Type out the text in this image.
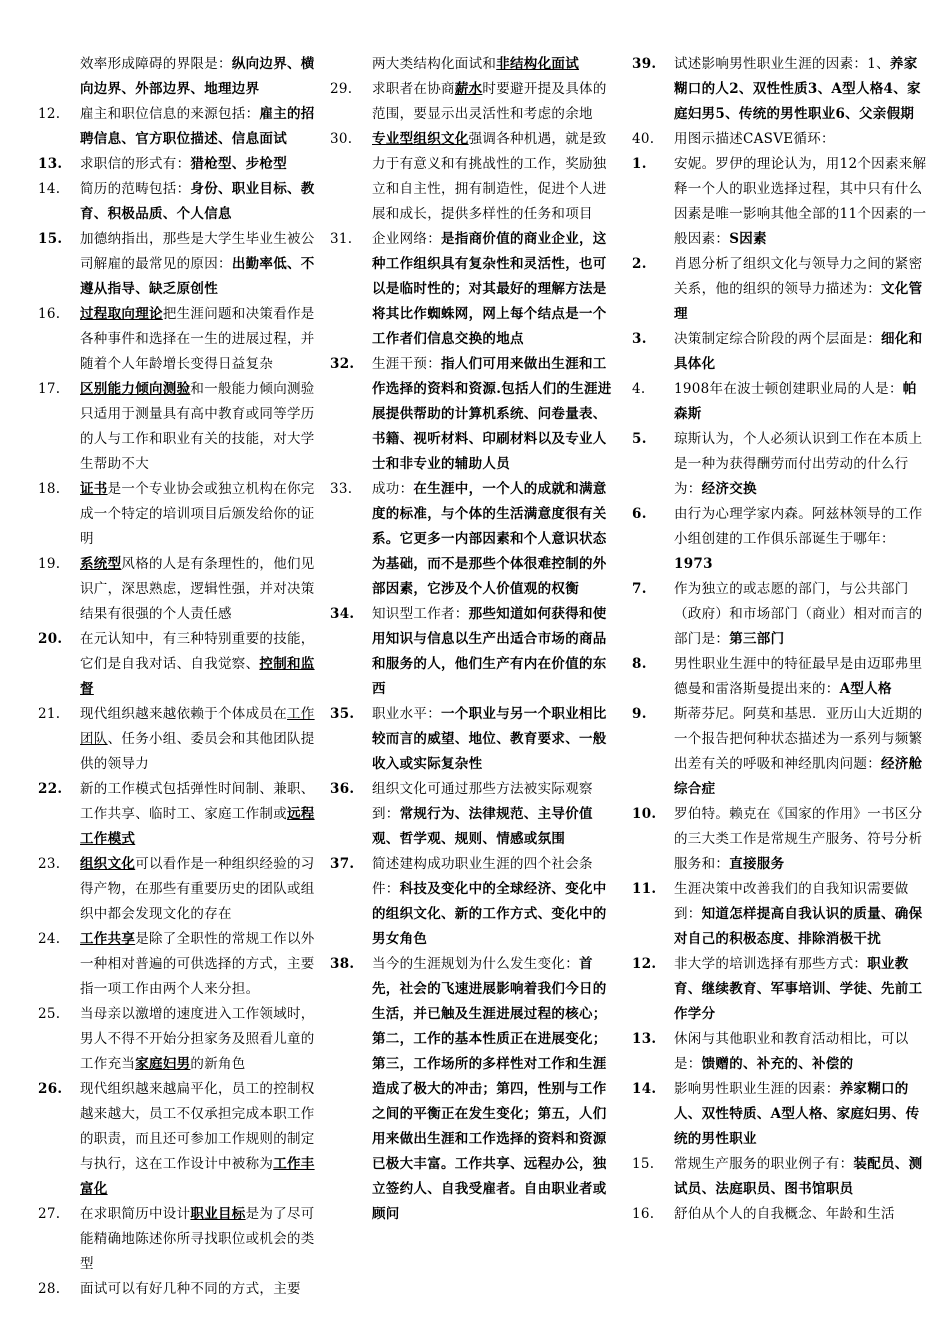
效率形成障碍的界限是：纵向边界、横向边界、外部边界、地理边界
12.	雇主和职位信息的来源包括：雇主的招聘信息、官方职位描述、信息面试
13.	求职信的形式有：猎枪型、步枪型
14.	简历的范畴包括：身份、职业目标、教育、积极品质、个人信息
15.	加德纳指出，那些是大学生毕业生被公司解雇的最常见的原因：出勤率低、不遵从指导、缺乏原创性
16.	过程取向理论把生涯问题和决策看作是各种事件和选择在一生的进展过程，并随着个人年龄增长变得日益复杂
17.	区别能力倾向测验和一般能力倾向测验只适用于测量具有高中教育或同等学历的人与工作和职业有关的技能，对大学生帮助不大
18.	证书是一个专业协会或独立机构在你完成一个特定的培训项目后颁发给你的证明
19.	系统型风格的人是有条理性的，他们见识广，深思熟虑，逻辑性强，并对决策结果有很强的个人责任感
20.	在元认知中，有三种特别重要的技能，它们是自我对话、自我觉察、控制和监督
21.	现代组织越来越依赖于个体成员在工作团队、任务小组、委员会和其他团队提供的领导力
22.	新的工作模式包括弹性时间制、兼职、工作共享、临时工、家庭工作制或远程工作模式
23.	组织文化可以看作是一种组织经验的习得产物，在那些有重要历史的团队或组织中都会发现文化的存在
24.	工作共享是除了全职性的常规工作以外一种相对普遍的可供选择的方式，主要指一项工作由两个人来分担。
25.	当母亲以激增的速度进入工作领域时，男人不得不开始分担家务及照看儿童的工作充当家庭妇男的新角色
26.	现代组织越来越扁平化，员工的控制权越来越大，员工不仅承担完成本职工作的职责，而且还可参加工作规则的制定与执行，这在工作设计中被称为工作丰富化
27.	在求职简历中设计职业目标是为了尽可能精确地陈述你所寻找职位或机会的类型
28.	面试可以有好几种不同的方式，主要
两大类结构化面试和非结构化面试
29.	求职者在协商薪水时要避开提及具体的范围，要显示出灵活性和考虑的余地
30.	专业型组织文化强调各种机遇，就是致力于有意义和有挑战性的工作，奖励独立和自主性，拥有制造性，促进个人进展和成长，提供多样性的任务和项目
31.	企业网络：是指商价值的商业企业，这种工作组织具有复杂性和灵活性，也可以是临时性的；对其最好的理解方法是将其比作蜘蛛网，网上每个结点是一个工作者们信息交换的地点
32.	生涯干预：指人们可用来做出生涯和工作选择的资料和资源.包括人们的生涯进展提供帮助的计算机系统、问卷量表、书籍、视听材料、印刷材料以及专业人士和非专业的辅助人员
33.	成功：在生涯中，一个人的成就和满意度的标准，与个体的生活满意度很有关系。它更多一内部因素和个人意识状态为基础，而不是那些个体很难控制的外部因素，它涉及个人价值观的权衡
34.	知识型工作者：那些知道如何获得和使用知识与信息以生产出适合市场的商品和服务的人，他们生产有内在价值的东西
35.	职业水平：一个职业与另一个职业相比较而言的威望、地位、教育要求、一般收入或实际复杂性
36.	组织文化可通过那些方法被实际观察到：常规行为、法律规范、主导价值观、哲学观、规则、情感或氛围
37.	简述建构成功职业生涯的四个社会条件：科技及变化中的全球经济、变化中的组织文化、新的工作方式、变化中的男女角色
38.	当今的生涯规划为什么发生变化：首先，社会的飞速进展影响着我们今日的生活，并已触及生涯进展过程的核心；第二，工作的基本性质正在进展变化；第三，工作场所的多样性对工作和生涯造成了极大的冲击；第四，性别与工作之间的平衡正在发生变化；第五，人们用来做出生涯和工作选择的资料和资源已极大丰富。工作共享、远程办公，独立签约人、自我受雇者。自由职业者或顾问
39.	试述影响男性职业生涯的因素：1、养家糊口的人2、双性性质3、A型人格4、家庭妇男5、传统的男性职业6、父亲假期
40.	用图示描述CASVE循环：
1.	安妮。罗伊的理论认为，用12个因素来解释一个人的职业选择过程，其中只有什么因素是唯一影响其他全部的11个因素的一般因素：S因素
2.	肖恩分析了组织文化与领导力之间的紧密关系，他的组织的领导力描述为：文化管理
3.	决策制定综合阶段的两个层面是：细化和具体化
4.	1908年在波士顿创建职业局的人是：帕森斯
5.	琼斯认为，个人必须认识到工作在本质上是一种为获得酬劳而付出劳动的什么行为：经济交换
6.	由行为心理学家内森。阿兹林领导的工作小组创建的工作俱乐部诞生于哪年：1973
7.	作为独立的或志愿的部门，与公共部门（政府）和市场部门（商业）相对而言的部门是：第三部门
8.	男性职业生涯中的特征最早是由迈耶弗里德曼和雷洛斯曼提出来的：A型人格
9.	斯蒂芬尼。阿莫和基思．亚历山大近期的一个报告把何种状态描述为一系列与频繁出差有关的呼吸和神经肌肉问题：经济舱综合症
10.	罗伯特。赖克在《国家的作用》一书区分的三大类工作是常规生产服务、符号分析服务和：直接服务
11.	生涯决策中改善我们的自我知识需要做到：知道怎样提高自我认识的质量、确保对自己的积极态度、排除消极干扰
12.	非大学的培训选择有那些方式：职业教育、继续教育、军事培训、学徒、先前工作学分
13.	休闲与其他职业和教育活动相比，可以是：馈赠的、补充的、补偿的
14.	影响男性职业生涯的因素：养家糊口的人、双性特质、A型人格、家庭妇男、传统的男性职业
15.	常规生产服务的职业例子有：装配员、测试员、法庭职员、图书馆职员
16.	舒伯从个人的自我概念、年龄和生活
